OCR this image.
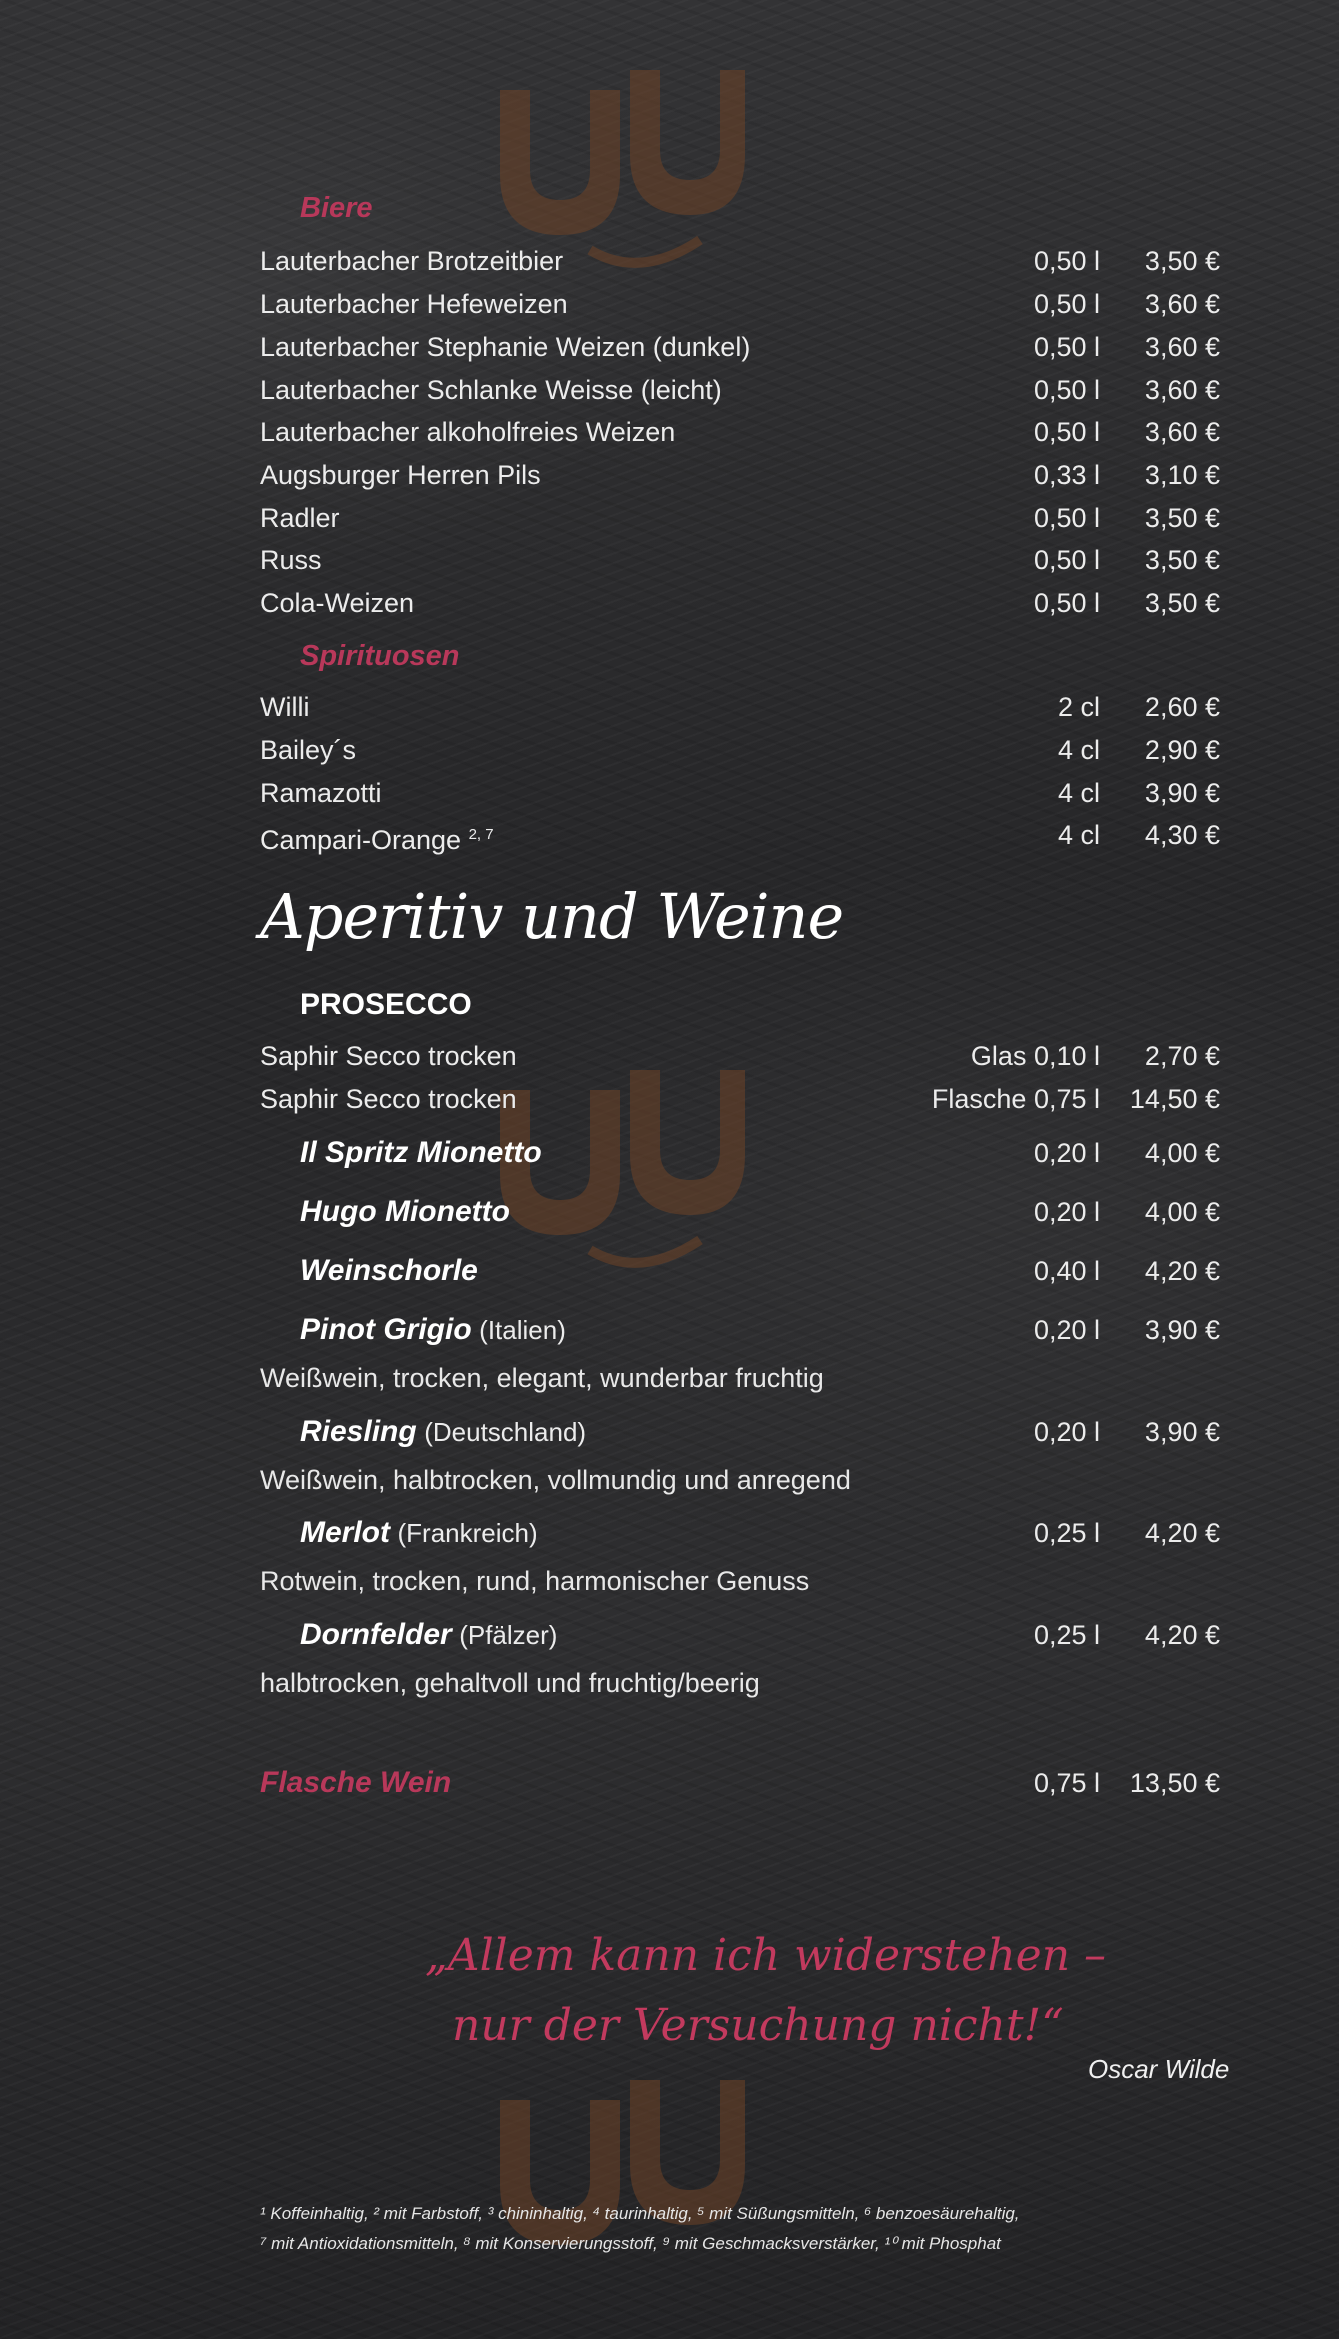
Biere
Lauterbacher Brotzeitbier	0,50 l 3,50 €
Lauterbacher Hefeweizen	0,50 l 3,60 €
Lauterbacher Stephanie Weizen (dunkel)	0,50 l 3,60 €
Lauterbacher Schlanke Weisse (leicht)	0,50 l 3,60 €
Lauterbacher alkoholfreies Weizen	0,50 l 3,60 €
Augsburger Herren Pils	0,33 l 3,10 €
Radler	0,50 l 3,50 €
Russ	0,50 l 3,50 €
Cola-Weizen	0,50 l 3,50 €
Spirituosen
Willi	2 cl 2,60 €
Bailey´s	4 cl 2,90 €
Ramazotti	4 cl 3,90 €
Campari-Orange $^{2, 7}$	4 cl 4,30 €
Aperitiv und Weine
PROSECCO
Saphir Secco trocken	Glas 0,10 l 2,70 €
Saphir Secco trocken	Flasche 0,75 l 14,50 €
Il Spritz Mionetto	0,20 l 4,00 €
Hugo Mionetto	0,20 l 4,00 €
Weinschorle	0,40 l 4,20 €
Pinot Grigio (Italien)	0,20 l 3,90 €
Weißwein, trocken, elegant, wunderbar fruchtig
Riesling (Deutschland)	0,20 l 3,90 €
Weißwein, halbtrocken, vollmundig und anregend
Merlot (Frankreich)	0,25 l 4,20 €
Rotwein, trocken, rund, harmonischer Genuss
Dornfelder (Pfälzer)	0,25 l 4,20 €
halbtrocken, gehaltvoll und fruchtig/beerig
Flasche Wein	0,75 l 13,50 €
„Allem kann ich widerstehen –
nur der Versuchung nicht!“
Oscar Wilde
¹ Koffeinhaltig, ² mit Farbstoff, ³ chininhaltig, ⁴ taurinhaltig, ⁵ mit Süßungsmitteln, ⁶ benzoesäurehaltig,
⁷ mit Antioxidationsmitteln, ⁸ mit Konservierungsstoff, ⁹ mit Geschmacksverstärker, ¹⁰ mit Phosphat
